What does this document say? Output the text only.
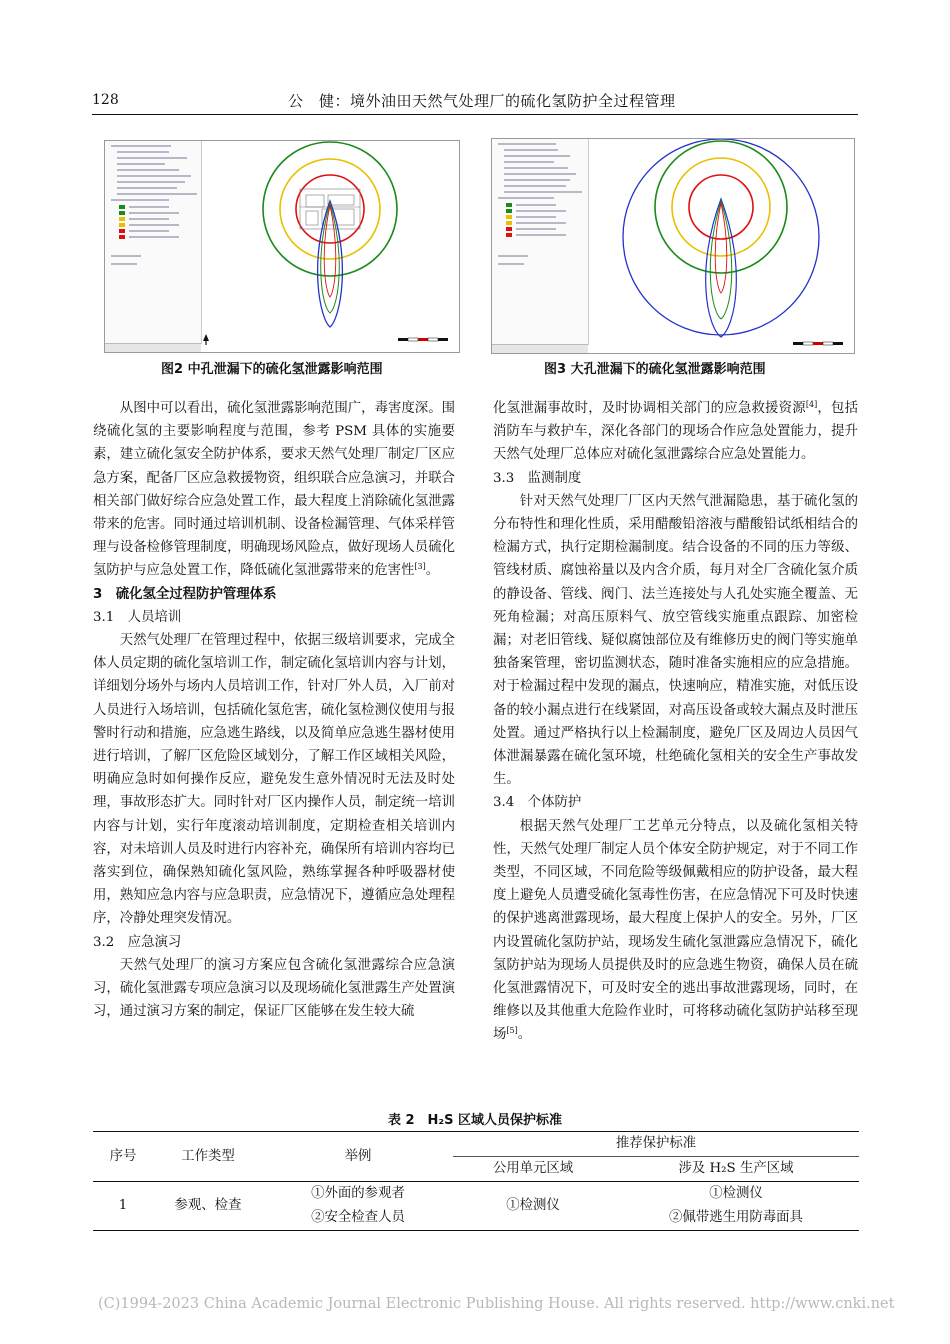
128	公　健：境外油田天然气处理厂的硫化氢防护全过程管理
图2 中孔泄漏下的硫化氢泄露影响范围	图3 大孔泄漏下的硫化氢泄露影响范围

从图中可以看出，硫化氢泄露影响范围广，毒害度深。围绕硫化氢的主要影响程度与范围，参考 PSM 具体的实施要素，建立硫化氢安全防护体系，要求天然气处理厂制定厂区应急方案，配备厂区应急救援物资，组织联合应急演习，并联合相关部门做好综合应急处置工作，最大程度上消除硫化氢泄露带来的危害。同时通过培训机制、设备检漏管理、气体采样管理与设备检修管理制度，明确现场风险点，做好现场人员硫化氢防护与应急处置工作，降低硫化氢泄露带来的危害性[3]。

3　硫化氢全过程防护管理体系

3.1　人员培训

天然气处理厂在管理过程中，依据三级培训要求，完成全体人员定期的硫化氢培训工作，制定硫化氢培训内容与计划，详细划分场外与场内人员培训工作，针对厂外人员，入厂前对人员进行入场培训，包括硫化氢危害，硫化氢检测仪使用与报警时行动和措施，应急逃生路线，以及简单应急逃生器材使用进行培训，了解厂区危险区域划分，了解工作区域相关风险，明确应急时如何操作反应，避免发生意外情况时无法及时处理，事故形态扩大。同时针对厂区内操作人员，制定统一培训内容与计划，实行年度滚动培训制度，定期检查相关培训内容，对未培训人员及时进行内容补充，确保所有培训内容均已落实到位，确保熟知硫化氢风险，熟练掌握各种呼吸器材使用，熟知应急内容与应急职责，应急情况下，遵循应急处理程序，冷静处理突发情况。

3.2　应急演习

天然气处理厂的演习方案应包含硫化氢泄露综合应急演习，硫化氢泄露专项应急演习以及现场硫化氢泄露生产处置演习，通过演习方案的制定，保证厂区能够在发生较大硫

化氢泄漏事故时，及时协调相关部门的应急救援资源[4]，包括消防车与救护车，深化各部门的现场合作应急处置能力，提升天然气处理厂总体应对硫化氢泄露综合应急处置能力。

3.3　监测制度

针对天然气处理厂厂区内天然气泄漏隐患，基于硫化氢的分布特性和理化性质，采用醋酸铅溶液与醋酸铅试纸相结合的检漏方式，执行定期检漏制度。结合设备的不同的压力等级、管线材质、腐蚀裕量以及内含介质，每月对全厂含硫化氢介质的静设备、管线、阀门、法兰连接处与人孔处实施全覆盖、无死角检漏；对高压原料气、放空管线实施重点跟踪、加密检漏；对老旧管线、疑似腐蚀部位及有维修历史的阀门等实施单独备案管理，密切监测状态，随时准备实施相应的应急措施。对于检漏过程中发现的漏点，快速响应，精准实施，对低压设备的较小漏点进行在线紧固，对高压设备或较大漏点及时泄压处置。通过严格执行以上检漏制度，避免厂区及周边人员因气体泄漏暴露在硫化氢环境，杜绝硫化氢相关的安全生产事故发生。

3.4　个体防护

根据天然气处理厂工艺单元分特点，以及硫化氢相关特性，天然气处理厂制定人员个体安全防护规定，对于不同工作类型，不同区域，不同危险等级佩戴相应的防护设备，最大程度上避免人员遭受硫化氢毒性伤害，在应急情况下可及时快速的保护逃离泄露现场，最大程度上保护人的安全。另外，厂区内设置硫化氢防护站，现场发生硫化氢泄露应急情况下，硫化氢防护站为现场人员提供及时的应急逃生物资，确保人员在硫化氢泄露情况下，可及时安全的逃出事故泄露现场，同时，在维修以及其他重大危险作业时，可将移动硫化氢防护站移至现场[5]。

表 2　H₂S 区域人员保护标准
序号	工作类型	举例	推荐保护标准	
			公用单元区域	涉及 H₂S 生产区域
1	参观、检查	①外面的参观者	①检测仪	①检测仪
		②安全检查人员		②佩带逃生用防毒面具
(C)1994-2023 China Academic Journal Electronic Publishing House. All rights reserved. http://www.cnki.net
